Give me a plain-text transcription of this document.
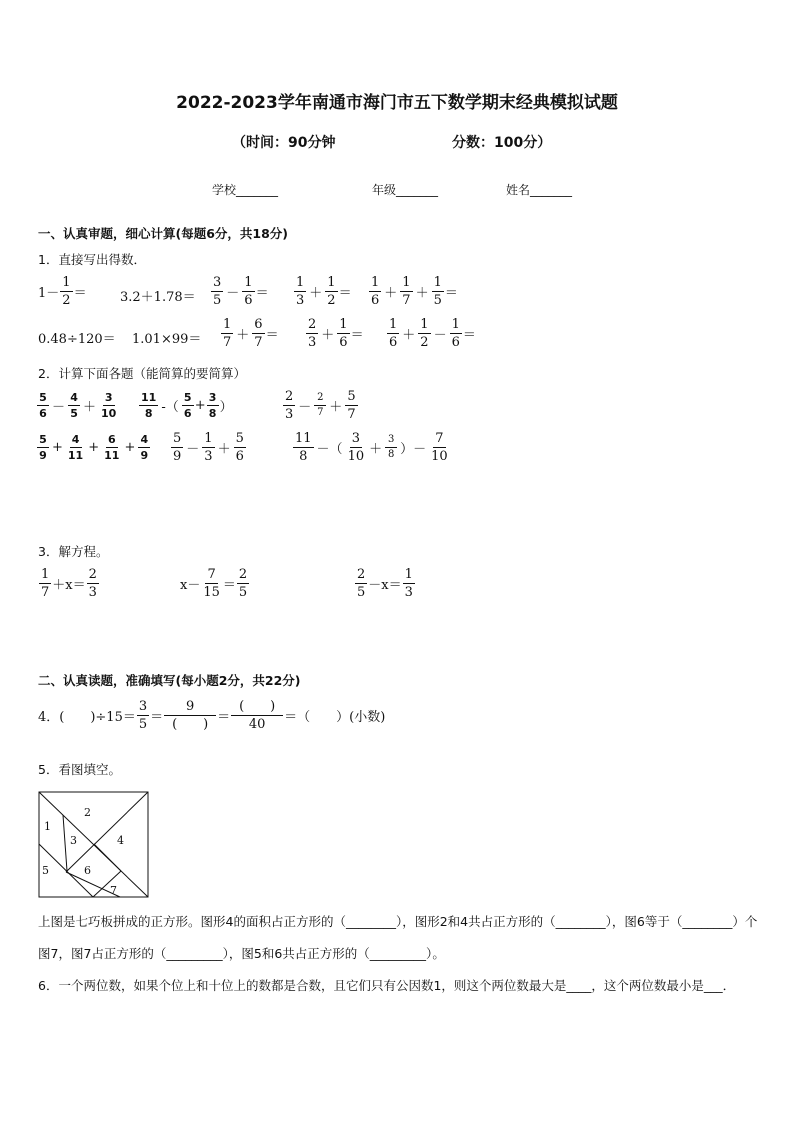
2022-2023学年南通市海门市五下数学期末经典模拟试题
（时间：90分钟	分数：100分）
学校_______	年级_______	姓名_______
一、认真审题，细心计算(每题6分，共18分)
1．直接写出得数．
$1- \frac{1}{2}$ ＝	$3.2+1.78= \frac{3}{5} - \frac{1}{6} = \frac{1}{3} + \frac{1}{2} = \frac{1}{6} + \frac{1}{7} + \frac{1}{5}$ ＝
$0.48\div 120= 1.01\times 99= \frac{1}{7} + \frac{6}{7} = \frac{2}{3} + \frac{1}{6} = \frac{1}{6} + \frac{1}{2} - \frac{1}{6}$ ＝
2．计算下面各题（能简算的要简算）
$\frac{5}{6} - \frac{4}{5} + \frac{3}{10} \frac{11}{8}$ -（ $\frac{5}{6} + \frac{3}{8}$ ）	$\frac{2}{3} - \frac{2}{7} + \frac{5}{7}$
$\frac{5}{9} + \frac{4}{11} + \frac{6}{11} + \frac{4}{9} \frac{5}{9} - \frac{1}{3} + \frac{5}{6}$	$\frac{11}{8}$ －（ $\frac{3}{10} + \frac{3}{8}$ ）－ $\frac{7}{10}$
3．解方程。
$\frac{1}{7} +x= \frac{2}{3}$	$x- \frac{7}{15} = \frac{2}{5}$	$\frac{2}{5} -x= \frac{1}{3}$
二、认真读题，准确填写(每小题2分，共22分)
4．(　　)$\div 15= \frac{3}{5} = \frac{9}{( )} = \frac{( )}{40}$ ＝（　　）(小数)
5．看图填空。
1
2
3	4
5	6
7
上图是七巧板拼成的正方形。图形4的面积占正方形的（________），图形2和4共占正方形的（________），图6等于（________）个图7，图7占正方形的（_________），图5和6共占正方形的（_________）。
6．一个两位数，如果个位上和十位上的数都是合数，且它们只有公因数1，则这个两位数最大是____，这个两位数最小是___．
